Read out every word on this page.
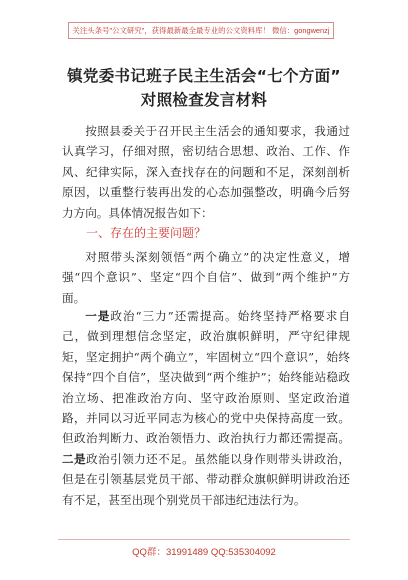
关注头条号"公文研究"，获得最新最全最专业的公文资料库！ 微信：gongwenzj
镇党委书记班子民主生活会“七个方面”
对照检查发言材料

按照县委关于召开民主生活会的通知要求，我通过认真学习，仔细对照，密切结合思想、政治、工作、作风、纪律实际，深入查找存在的问题和不足，深刻剖析原因，以重整行装再出发的心态加强整改，明确今后努力方向。具体情况报告如下：

一、存在的主要问题？

对照带头深刻领悟“两个确立”的决定性意义，增强“四个意识”、坚定“四个自信”、做到“两个维护”方面。

一是政治“三力”还需提高。始终坚持严格要求自己，做到理想信念坚定，政治旗帜鲜明，严守纪律规矩，坚定拥护“两个确立”，牢固树立“四个意识”，始终保持“四个自信”，坚决做到“两个维护”；始终能站稳政治立场、把准政治方向、坚守政治原则、坚定政治道路，并同以习近平同志为核心的党中央保持高度一致。但政治判断力、政治领悟力、政治执行力都还需提高。二是政治引领力还不足。虽然能以身作则带头讲政治，但是在引领基层党员干部、带动群众旗帜鲜明讲政治还有不足，甚至出现个别党员干部违纪违法行为。

QQ群：31991489 QQ:535304092
